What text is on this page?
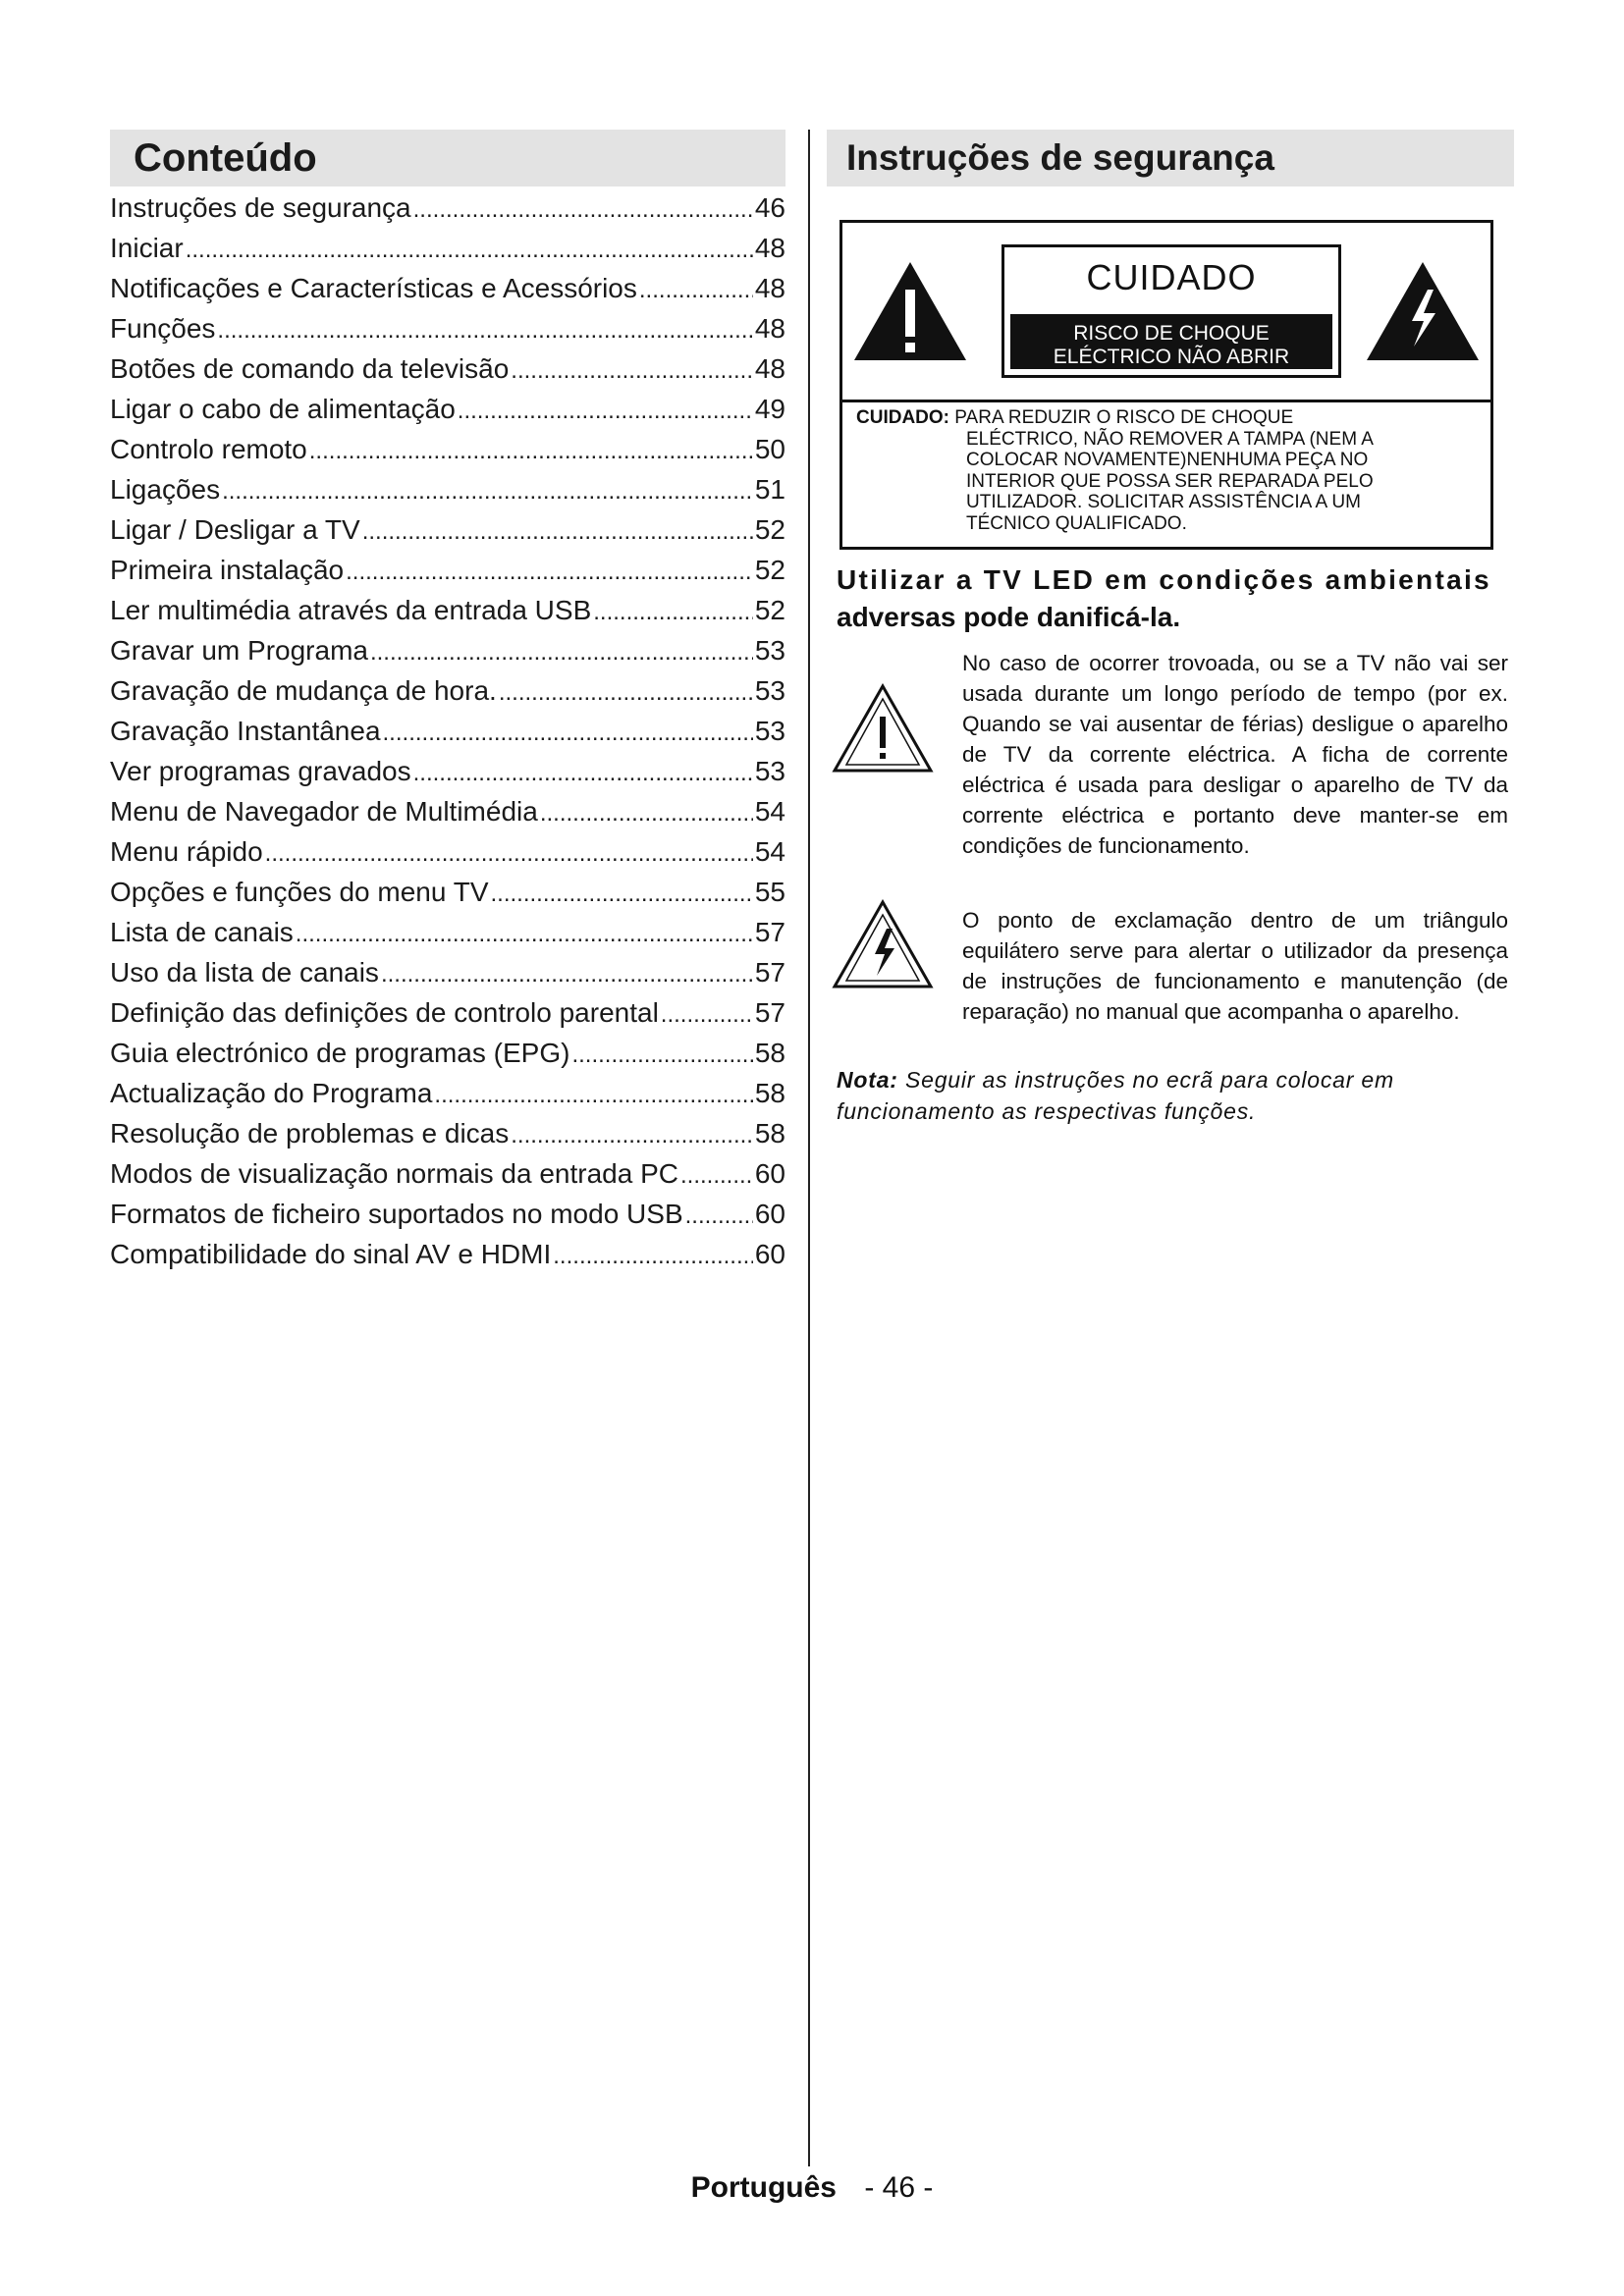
Conteúdo
Instruções de segurança .....	46
Iniciar .....	48
Notificações e Características e Acessórios .....	48
Funções .....	48
Botões de comando da televisão .....	48
Ligar o cabo de alimentação .....	49
Controlo remoto .....	50
Ligações .....	51
Ligar / Desligar a TV .....	52
Primeira instalação .....	52
Ler multimédia através da entrada USB .....	52
Gravar um Programa .....	53
Gravação de mudança de hora. .....	53
Gravação Instantânea .....	53
Ver programas gravados .....	53
Menu de Navegador de Multimédia .....	54
Menu rápido .....	54
Opções e funções do menu TV .....	55
Lista de canais .....	57
Uso da lista de canais .....	57
Definição das definições de controlo parental .....	57
Guia electrónico de programas (EPG) .....	58
Actualização do Programa .....	58
Resolução de problemas e dicas .....	58
Modos de visualização normais da entrada PC .....	60
Formatos de ficheiro suportados no modo USB .....	60
Compatibilidade do sinal AV e HDMI .....	60
Instruções de segurança
CUIDADO
RISCO DE CHOQUE
ELÉCTRICO NÃO ABRIR
CUIDADO: PARA REDUZIR O RISCO DE CHOQUE
ELÉCTRICO, NÃO REMOVER A TAMPA (NEM A
COLOCAR NOVAMENTE)NENHUMA PEÇA NO
INTERIOR QUE POSSA SER REPARADA PELO
UTILIZADOR. SOLICITAR ASSISTÊNCIA A UM
TÉCNICO QUALIFICADO.
Utilizar a TV LED em condições ambientais
adversas pode danificá-la.
No caso de ocorrer trovoada, ou se a TV não vai ser usada durante um longo período de tempo (por ex. Quando se vai ausentar de férias) desligue o aparelho de TV da corrente eléctrica. A ficha de corrente eléctrica é usada para desligar o aparelho de TV da corrente eléctrica e portanto deve manter-se em condições de funcionamento.
O ponto de exclamação dentro de um triângulo equilátero serve para alertar o utilizador da presença de instruções de funcionamento e manutenção (de reparação) no manual que acompanha o aparelho.
Nota: Seguir as instruções no ecrã para colocar em funcionamento as respectivas funções.
Português - 46 -
